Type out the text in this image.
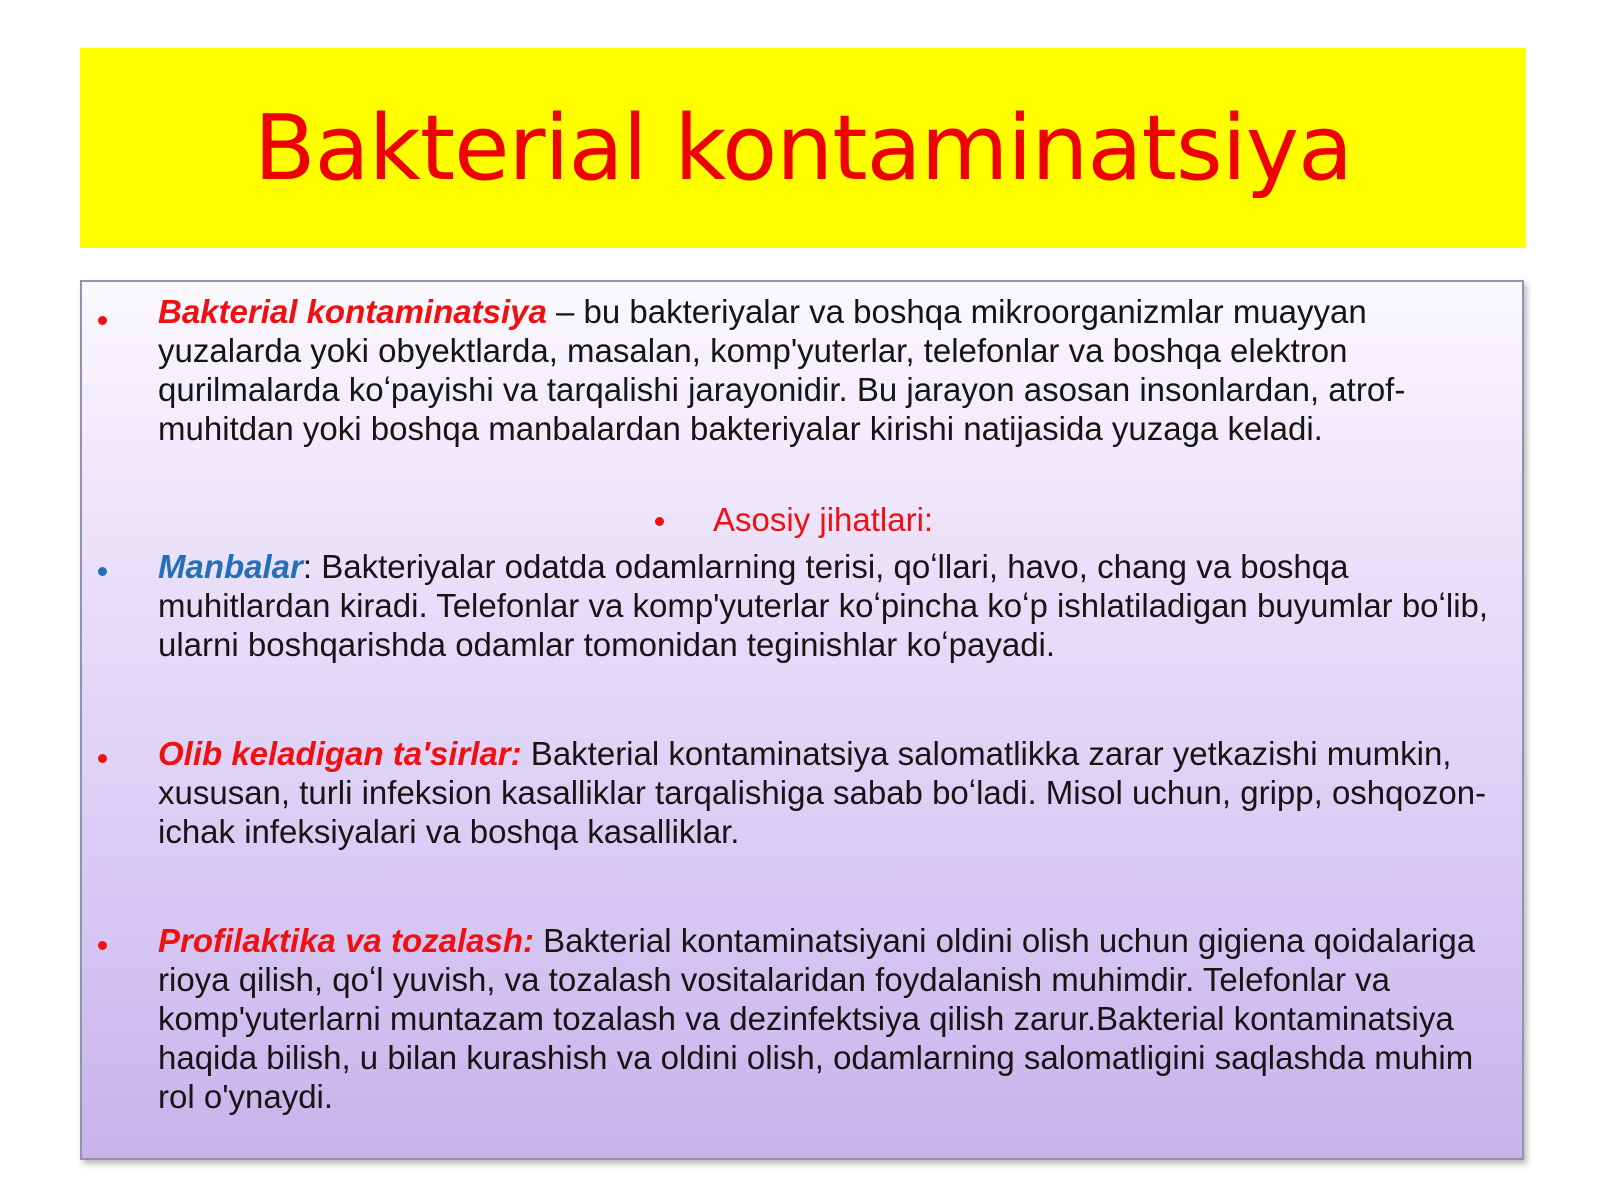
Bakterial kontaminatsiya
Bakterial kontaminatsiya – bu bakteriyalar va boshqa mikroorganizmlar muayyan yuzalarda yoki obyektlarda, masalan, komp'yuterlar, telefonlar va boshqa elektron qurilmalarda koʻpayishi va tarqalishi jarayonidir. Bu jarayon asosan insonlardan, atrof-muhitdan yoki boshqa manbalardan bakteriyalar kirishi natijasida yuzaga keladi.
Asosiy jihatlari:
Manbalar: Bakteriyalar odatda odamlarning terisi, qoʻllari, havo, chang va boshqa muhitlardan kiradi. Telefonlar va komp'yuterlar koʻpincha koʻp ishlatiladigan buyumlar boʻlib, ularni boshqarishda odamlar tomonidan teginishlar koʻpayadi.
Olib keladigan ta'sirlar: Bakterial kontaminatsiya salomatlikka zarar yetkazishi mumkin, xususan, turli infeksion kasalliklar tarqalishiga sabab boʻladi. Misol uchun, gripp, oshqozon-ichak infeksiyalari va boshqa kasalliklar.
Profilaktika va tozalash: Bakterial kontaminatsiyani oldini olish uchun gigiena qoidalariga rioya qilish, qoʻl yuvish, va tozalash vositalaridan foydalanish muhimdir. Telefonlar va komp'yuterlarni muntazam tozalash va dezinfektsiya qilish zarur.Bakterial kontaminatsiya haqida bilish, u bilan kurashish va oldini olish, odamlarning salomatligini saqlashda muhim rol o'ynaydi.
